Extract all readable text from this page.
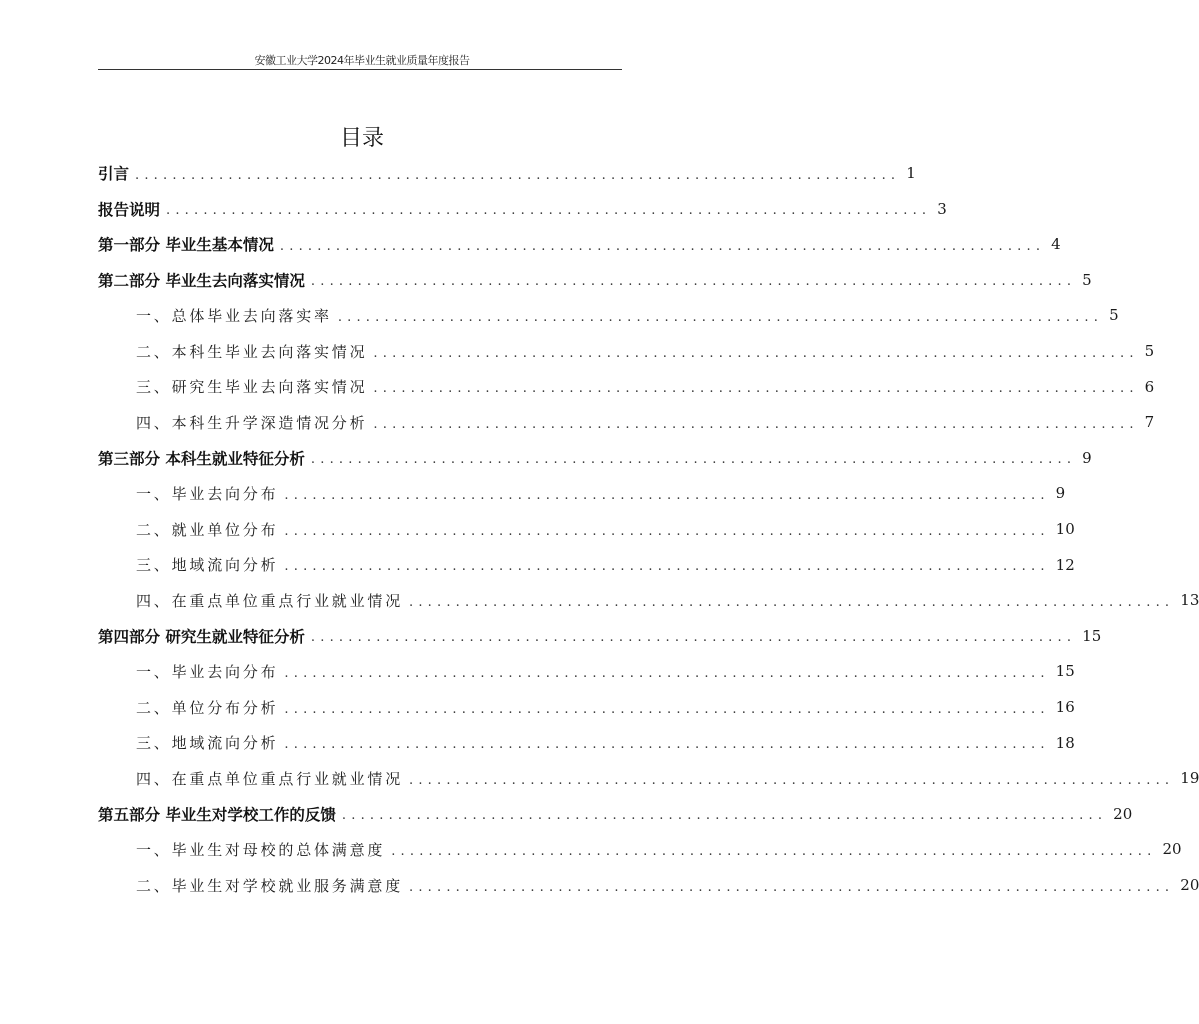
安徽工业大学2024年毕业生就业质量年度报告
目录
引言 .................................................................................. 1
报告说明 .................................................................................. 3
第一部分 毕业生基本情况 .................................................................................. 4
第二部分 毕业生去向落实情况 .................................................................................. 5
一、总体毕业去向落实率 .................................................................................. 5
二、本科生毕业去向落实情况 .................................................................................. 5
三、研究生毕业去向落实情况 .................................................................................. 6
四、本科生升学深造情况分析 .................................................................................. 7
第三部分 本科生就业特征分析 .................................................................................. 9
一、毕业去向分布 .................................................................................. 9
二、就业单位分布 .................................................................................. 10
三、地域流向分析 .................................................................................. 12
四、在重点单位重点行业就业情况 .................................................................................. 13
第四部分 研究生就业特征分析 .................................................................................. 15
一、毕业去向分布 .................................................................................. 15
二、单位分布分析 .................................................................................. 16
三、地域流向分析 .................................................................................. 18
四、在重点单位重点行业就业情况 .................................................................................. 19
第五部分 毕业生对学校工作的反馈 .................................................................................. 20
一、毕业生对母校的总体满意度 .................................................................................. 20
二、毕业生对学校就业服务满意度 .................................................................................. 20
